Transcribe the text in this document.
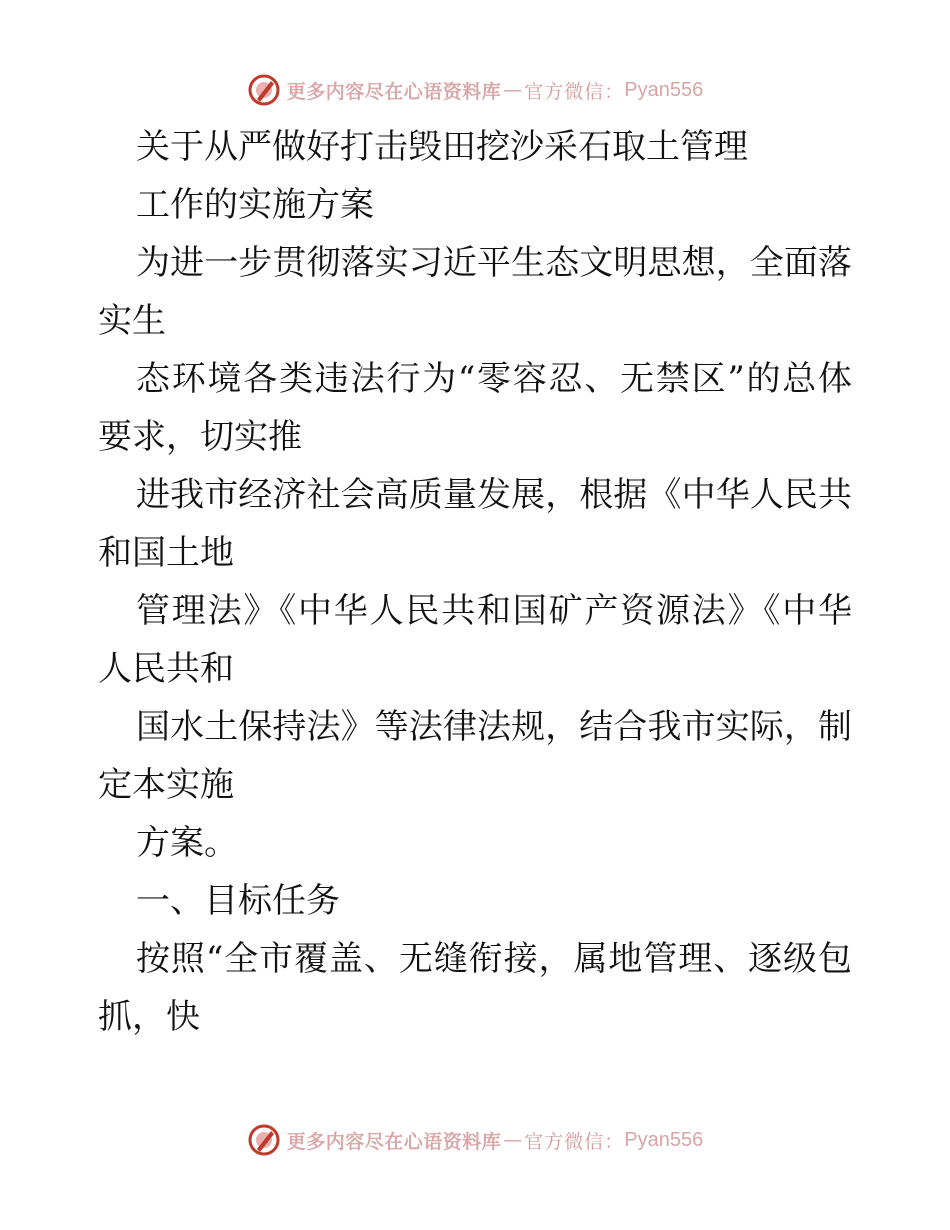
更多内容尽在心语资料库 — 官方微信： Pyan556
关于从严做好打击毁田挖沙采石取土管理
工作的实施方案
为进一步贯彻落实习近平生态文明思想，全面落
实生
态环境各类违法行为“零容忍、无禁区”的总体
要求，切实推
进我市经济社会高质量发展，根据《中华人民共
和国土地
管理法》《中华人民共和国矿产资源法》《中华
人民共和
国水土保持法》等法律法规，结合我市实际，制
定本实施
方案。
一、目标任务
按照“全市覆盖、无缝衔接，属地管理、逐级包
抓，快
更多内容尽在心语资料库 — 官方微信： Pyan556
